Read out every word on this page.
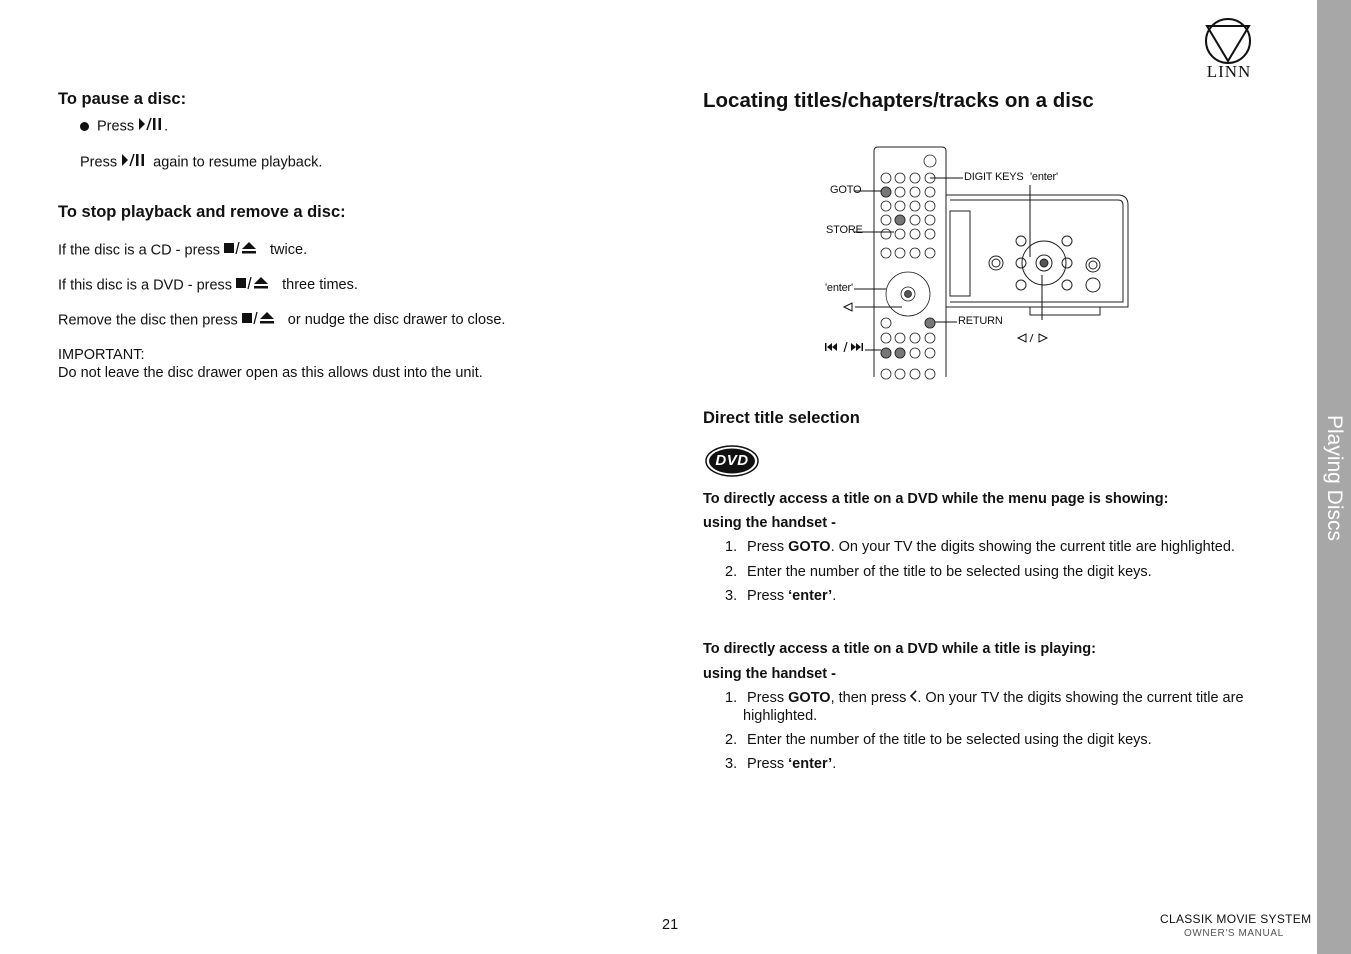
Playing Discs
LINN
To pause a disc:
Press .
Press again to resume playback.
To stop playback and remove a disc:
If the disc is a CD - press	twice.
If this disc is a DVD - press	three times.
Remove the disc then press	or nudge the disc drawer to close.
IMPORTANT:
Do not leave the disc drawer open as this allows dust into the unit.
Locating titles/chapters/tracks on a disc
DIGIT KEYS 'enter'
GOTO
STORE
'enter'
RETURN
Direct title selection
DVD
To directly access a title on a DVD while the menu page is showing:
using the handset -
1. Press GOTO. On your TV the digits showing the current title are highlighted.
2. Enter the number of the title to be selected using the digit keys.
3. Press ‘enter’.
To directly access a title on a DVD while a title is playing:
using the handset -
1. Press GOTO, then press . On your TV the digits showing the current title are
highlighted.
2. Enter the number of the title to be selected using the digit keys.
3. Press ‘enter’.
21	CLASSIK MOVIE SYSTEM
OWNER'S MANUAL
